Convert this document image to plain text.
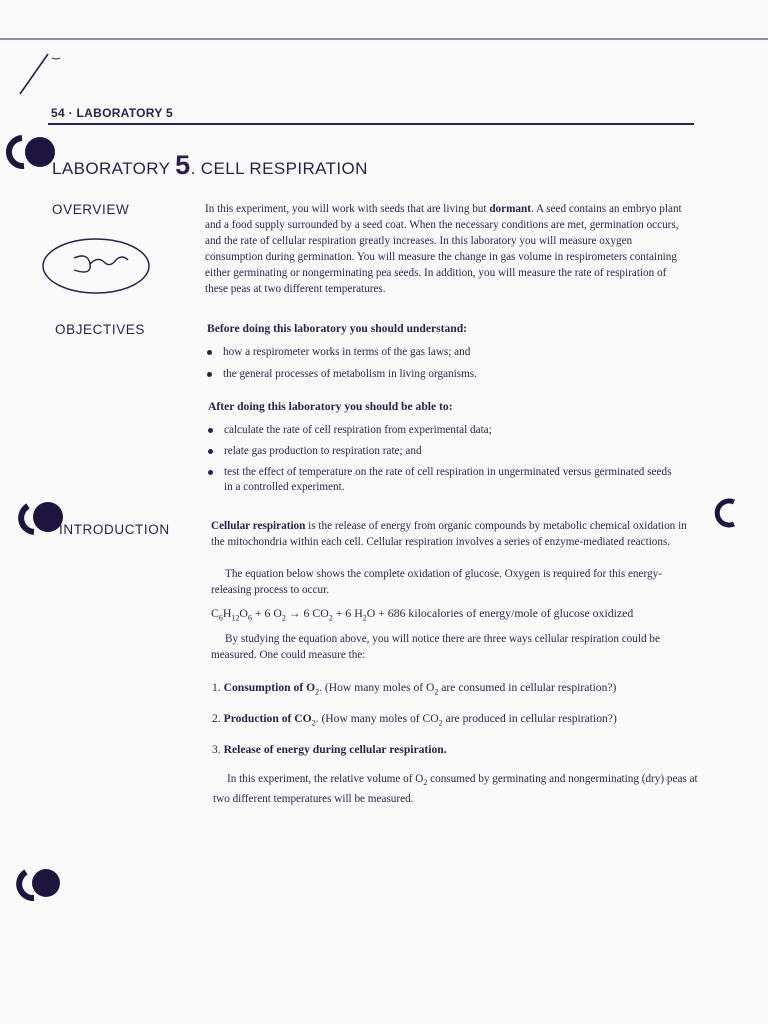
54 · LABORATORY 5
LABORATORY 5. CELL RESPIRATION
OVERVIEW	In this experiment, you will work with seeds that are living but dormant. A seed contains an embryo plant and a food supply surrounded by a seed coat. When the necessary conditions are met, germination occurs, and the rate of cellular respiration greatly increases. In this laboratory you will measure oxygen consumption during germination. You will measure the change in gas volume in respirometers containing either germinating or nongerminating pea seeds. In addition, you will measure the rate of respiration of these peas at two different temperatures.
OBJECTIVES	Before doing this laboratory you should understand:
how a respirometer works in terms of the gas laws; and
the general processes of metabolism in living organisms.
After doing this laboratory you should be able to:
calculate the rate of cell respiration from experimental data;
relate gas production to respiration rate; and
test the effect of temperature on the rate of cell respiration in ungerminated versus germinated seeds in a controlled experiment.
INTRODUCTION	Cellular respiration is the release of energy from organic compounds by metabolic chemical oxidation in the mitochondria within each cell. Cellular respiration involves a series of enzyme-mediated reactions.
The equation below shows the complete oxidation of glucose. Oxygen is required for this energy-releasing process to occur.
$C_6H_{12}O_6 + 6$ $O_2 \to 6$ $CO_2 + 6$ $H_2O + 686$ kilocalories of energy/mole of glucose oxidized
By studying the equation above, you will notice there are three ways cellular respiration could be measured. One could measure the:
1. Consumption of $O_2$. (How many moles of $O_2$ are consumed in cellular respiration?)
2. Production of $CO_2$. (How many moles of $CO_2$ are produced in cellular respiration?)
3. Release of energy during cellular respiration.
In this experiment, the relative volume of $O_2$ consumed by germinating and nongerminating (dry) peas at two different temperatures will be measured.
